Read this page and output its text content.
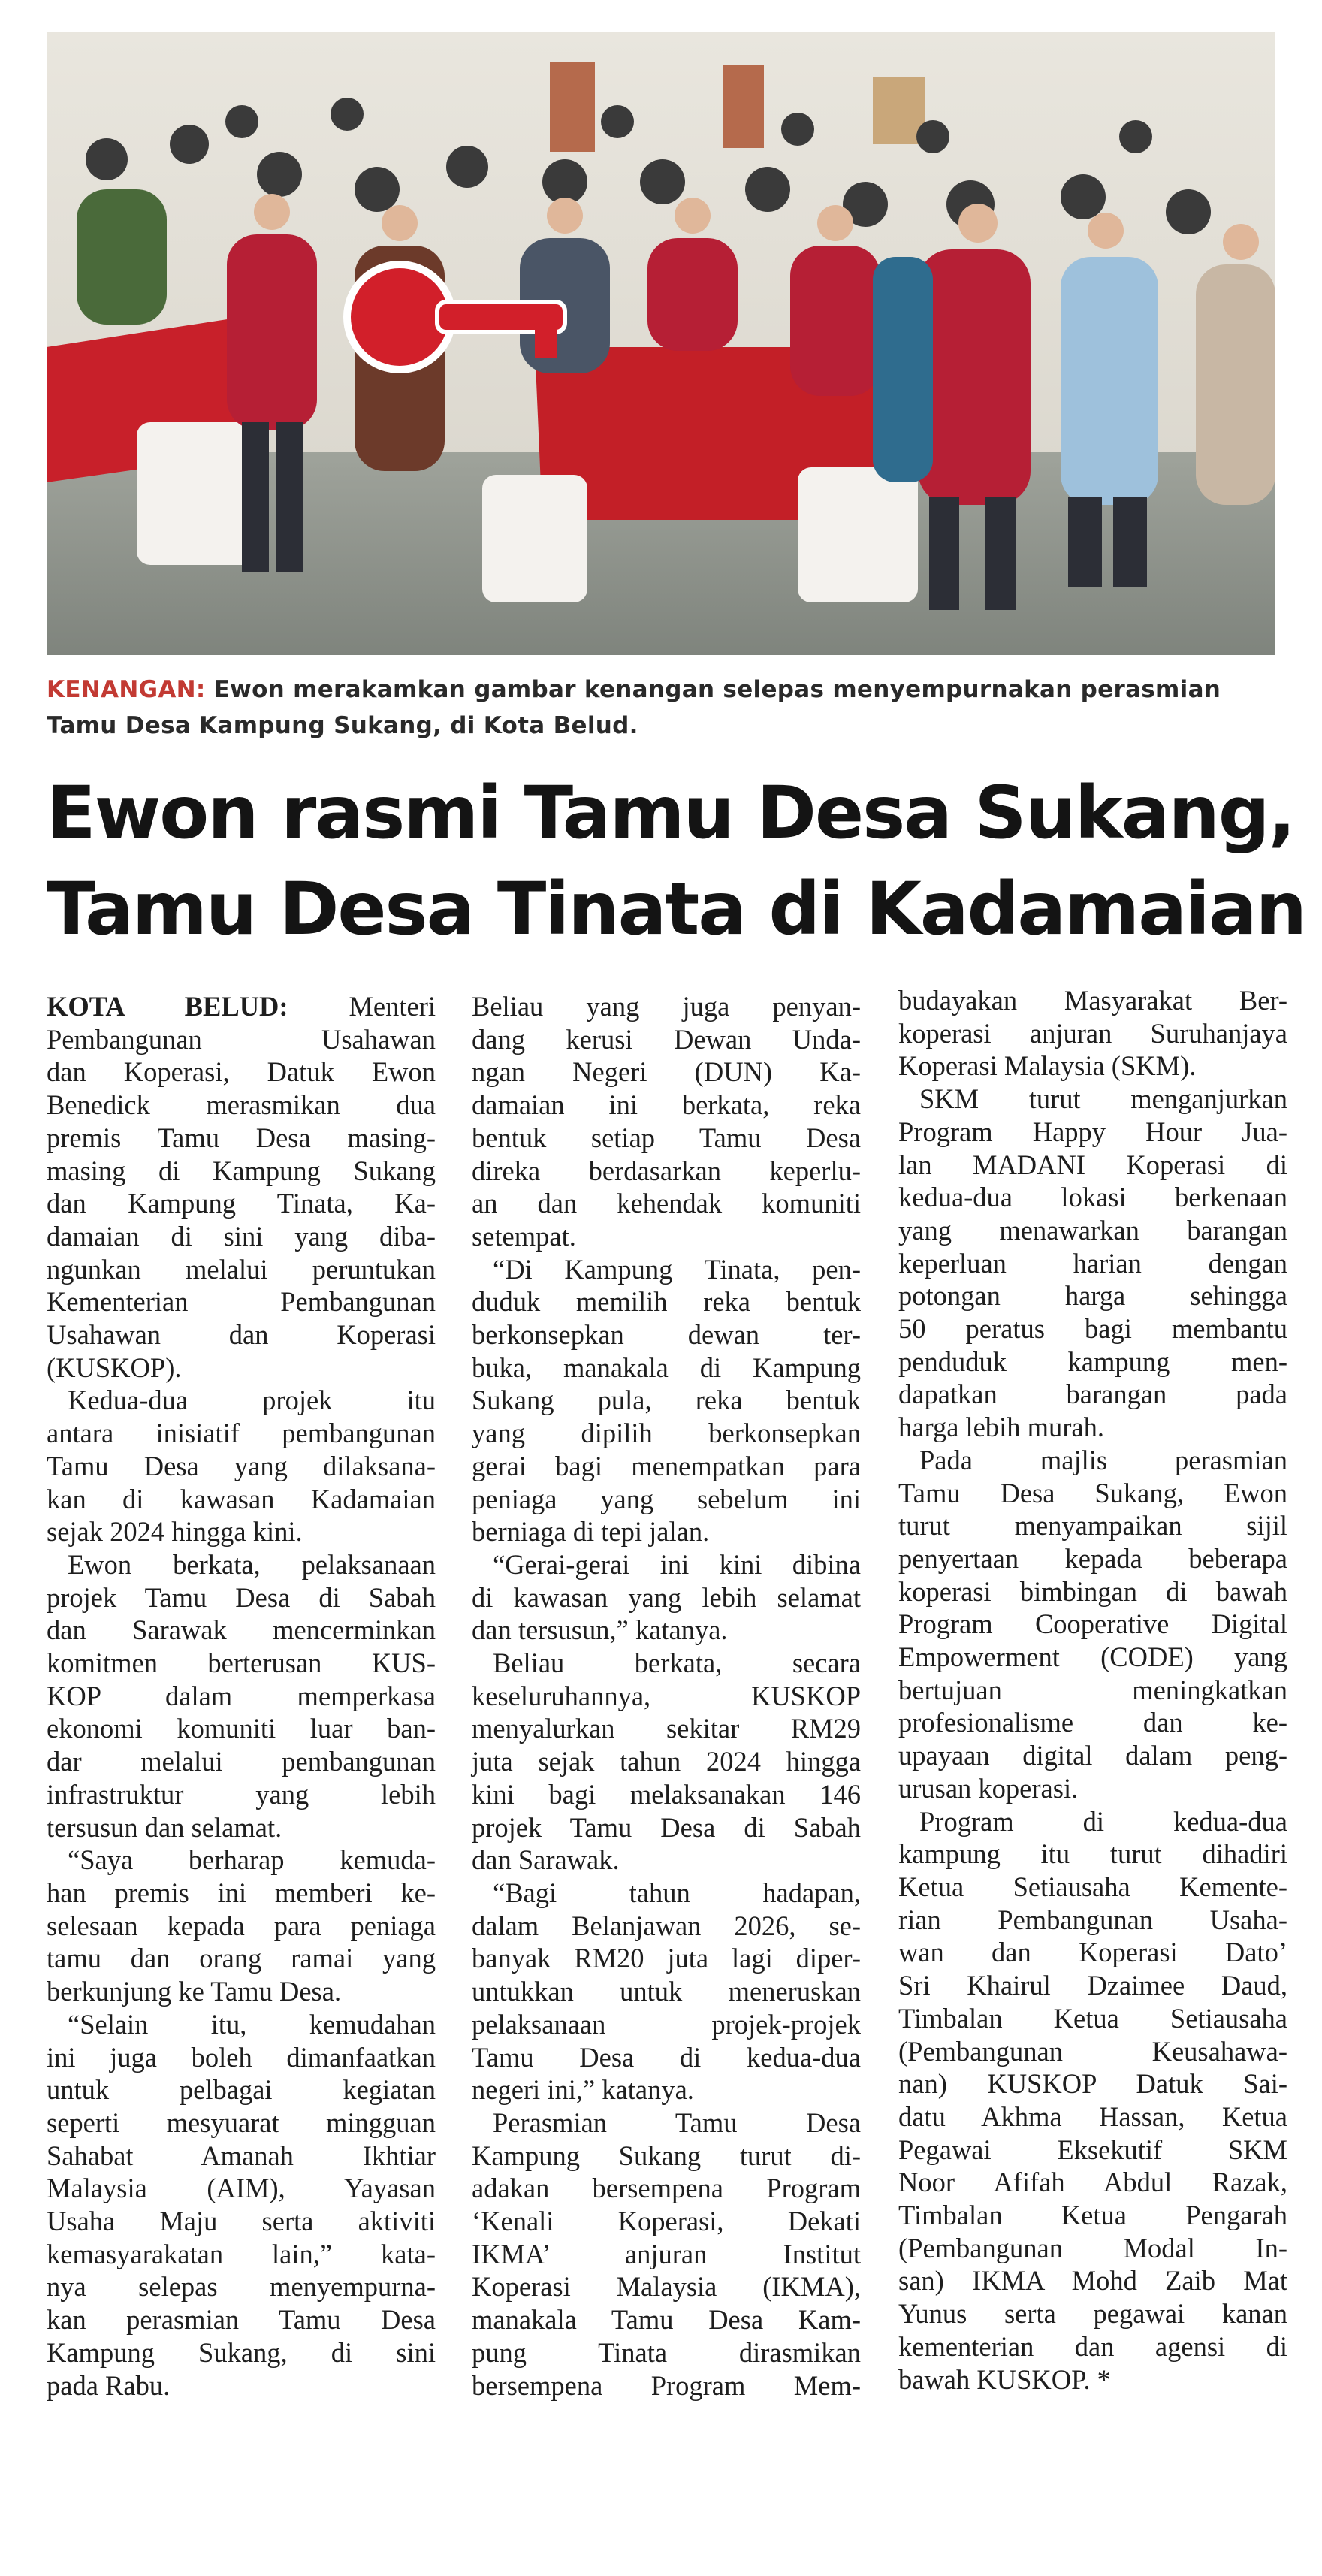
KENANGAN: Ewon merakamkan gambar kenangan selepas menyempurnakan perasmian
Tamu Desa Kampung Sukang, di Kota Belud.
Ewon rasmi Tamu Desa Sukang,
Tamu Desa Tinata di Kadamaian
KOTA BELUD: Menteri
Pembangunan Usahawan
dan Koperasi, Datuk Ewon
Benedick merasmikan dua
premis Tamu Desa masing-
masing di Kampung Sukang
dan Kampung Tinata, Ka-
damaian di sini yang diba-
ngunkan melalui peruntukan
Kementerian Pembangunan
Usahawan dan Koperasi
(KUSKOP).
Kedua-dua projek itu
antara inisiatif pembangunan
Tamu Desa yang dilaksana-
kan di kawasan Kadamaian
sejak 2024 hingga kini.
Ewon berkata, pelaksanaan
projek Tamu Desa di Sabah
dan Sarawak mencerminkan
komitmen berterusan KUS-
KOP dalam memperkasa
ekonomi komuniti luar ban-
dar melalui pembangunan
infrastruktur yang lebih
tersusun dan selamat.
“Saya berharap kemuda-
han premis ini memberi ke-
selesaan kepada para peniaga
tamu dan orang ramai yang
berkunjung ke Tamu Desa.
“Selain itu, kemudahan
ini juga boleh dimanfaatkan
untuk pelbagai kegiatan
seperti mesyuarat mingguan
Sahabat Amanah Ikhtiar
Malaysia (AIM), Yayasan
Usaha Maju serta aktiviti
kemasyarakatan lain,” kata-
nya selepas menyempurna-
kan perasmian Tamu Desa
Kampung Sukang, di sini
pada Rabu.
Beliau yang juga penyan-
dang kerusi Dewan Unda-
ngan Negeri (DUN) Ka-
damaian ini berkata, reka
bentuk setiap Tamu Desa
direka berdasarkan keperlu-
an dan kehendak komuniti
setempat.
“Di Kampung Tinata, pen-
duduk memilih reka bentuk
berkonsepkan dewan ter-
buka, manakala di Kampung
Sukang pula, reka bentuk
yang dipilih berkonsepkan
gerai bagi menempatkan para
peniaga yang sebelum ini
berniaga di tepi jalan.
“Gerai-gerai ini kini dibina
di kawasan yang lebih selamat
dan tersusun,” katanya.
Beliau berkata, secara
keseluruhannya, KUSKOP
menyalurkan sekitar RM29
juta sejak tahun 2024 hingga
kini bagi melaksanakan 146
projek Tamu Desa di Sabah
dan Sarawak.
“Bagi tahun hadapan,
dalam Belanjawan 2026, se-
banyak RM20 juta lagi diper-
untukkan untuk meneruskan
pelaksanaan projek-projek
Tamu Desa di kedua-dua
negeri ini,” katanya.
Perasmian Tamu Desa
Kampung Sukang turut di-
adakan bersempena Program
‘Kenali Koperasi, Dekati
IKMA’ anjuran Institut
Koperasi Malaysia (IKMA),
manakala Tamu Desa Kam-
pung Tinata dirasmikan
bersempena Program Mem-
budayakan Masyarakat Ber-
koperasi anjuran Suruhanjaya
Koperasi Malaysia (SKM).
SKM turut menganjurkan
Program Happy Hour Jua-
lan MADANI Koperasi di
kedua-dua lokasi berkenaan
yang menawarkan barangan
keperluan harian dengan
potongan harga sehingga
50 peratus bagi membantu
penduduk kampung men-
dapatkan barangan pada
harga lebih murah.
Pada majlis perasmian
Tamu Desa Sukang, Ewon
turut menyampaikan sijil
penyertaan kepada beberapa
koperasi bimbingan di bawah
Program Cooperative Digital
Empowerment (CODE) yang
bertujuan meningkatkan
profesionalisme dan ke-
upayaan digital dalam peng-
urusan koperasi.
Program di kedua-dua
kampung itu turut dihadiri
Ketua Setiausaha Kemente-
rian Pembangunan Usaha-
wan dan Koperasi Dato’
Sri Khairul Dzaimee Daud,
Timbalan Ketua Setiausaha
(Pembangunan Keusahawa-
nan) KUSKOP Datuk Sai-
datu Akhma Hassan, Ketua
Pegawai Eksekutif SKM
Noor Afifah Abdul Razak,
Timbalan Ketua Pengarah
(Pembangunan Modal In-
san) IKMA Mohd Zaib Mat
Yunus serta pegawai kanan
kementerian dan agensi di
bawah KUSKOP. *
